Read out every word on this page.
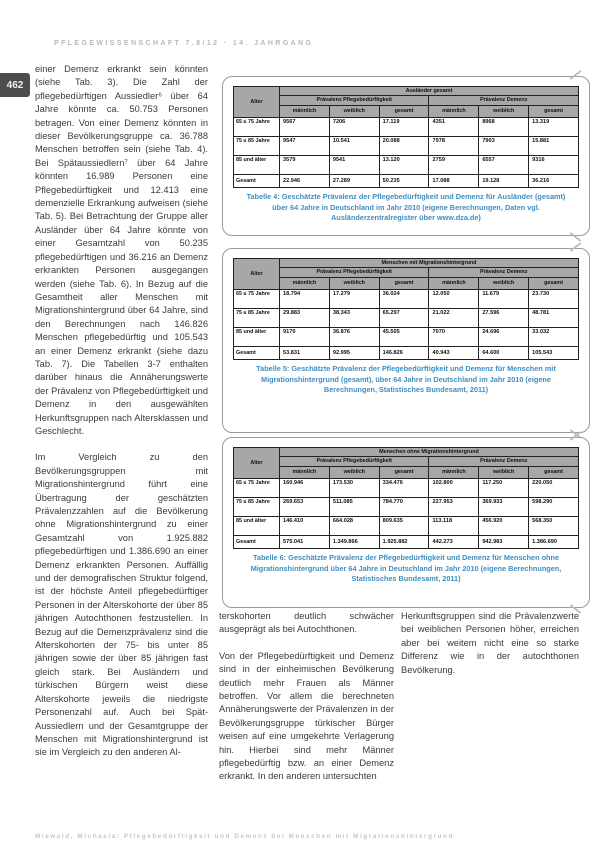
PFLEGEWISSENSCHAFT 7.8/12 · 14. JAHRGANG
462

einer Demenz erkrankt sein könnten (siehe Tab. 3). Die Zahl der pflegebedürftigen Aussiedler⁶ über 64 Jahre könnte ca. 50.753 Personen betragen. Von einer Demenz könnten in dieser Bevölkerungsgruppe ca. 36.788 Menschen betroffen sein (siehe Tab. 4). Bei Spätaussiedlern⁷ über 64 Jahre könnten 16.989 Personen eine Pflegebedürftigkeit und 12.413 eine demenzielle Erkrankung aufweisen (siehe Tab. 5). Bei Betrachtung der Gruppe aller Ausländer über 64 Jahre könnte von einer Gesamtzahl von 50.235 pflegebedürftigen und 36.216 an Demenz erkrankten Personen ausgegangen werden (siehe Tab. 6). In Bezug auf die Gesamtheit aller Menschen mit Migrationshintergrund über 64 Jahre, sind den Berechnungen nach 146.826 Menschen pflegebedürftig und 105.543 an einer Demenz erkrankt (siehe dazu Tab. 7). Die Tabellen 3-7 enthalten darüber hinaus die Annäherungswerte der Prävalenz von Pflegebedürftigkeit und Demenz in den ausgewählten Herkunftsgruppen nach Altersklassen und Geschlecht.

Im Vergleich zu den Bevölkerungsgruppen mit Migrationshintergrund führt eine Übertragung der geschätzten Prävalenzzahlen auf die Bevölkerung ohne Migrationshintergrund zu einer Gesamtzahl von 1.925.882 pflegebedürftigen und 1.386.690 an einer Demenz erkrankten Personen. Auffällig und der demografischen Struktur folgend, ist der höchste Anteil pflegebedürftiger Personen in der Alterskohorte der über 85 jährigen Autochthonen festzustellen. In Bezug auf die Demenzprävalenz sind die Alterskohorten der 75- bis unter 85 jährigen sowie der über 85 jährigen fast gleich stark. Bei Ausländern und türkischen Bürgern weist diese Alterskohorte jeweils die niedrigste Personenzahl auf. Auch bei Spät-Aussiedlern und der Gesamtgruppe der Menschen mit Migrationshintergrund ist sie im Vergleich zu den anderen Al-

Alter	Ausländer gesamt					
	Prävalenz Pflegebedürftigkeit			Prävalenz Demenz		
	männlich	weiblich	gesamt	männlich	weiblich	gesamt
65 ≤ 75 Jahre	9567	7206	17.119	4351	8968	13.319
75 ≤ 85 Jahre	9547	10.541	20.088	7978	7903	15.881
85 und älter	3579	9541	13.120	2759	6557	9316
Gesamt	22.946	27.289	50.235	17.088	19.128	36.216
Tabelle 4: Geschätzte Prävalenz der Pflegebedürftigkeit und Demenz für Ausländer (gesamt) über 64 Jahre in Deutschland im Jahr 2010 (eigene Berechnungen, Daten vgl. Ausländerzentralregister über www.dza.de)
Alter	Menschen mit Migrationshintergrund					
	Prävalenz Pflegebedürftigkeit			Prävalenz Demenz		
	männlich	weiblich	gesamt	männlich	weiblich	gesamt
65 ≤ 75 Jahre	18.794	17.279	36.024	12.050	11.679	23.730
75 ≤ 85 Jahre	29.883	38.343	65.297	21.022	27.596	48.781
85 und älter	9170	36.876	45.505	7070	24.696	33.032
Gesamt	53.831	92.995	146.826	40.943	64.600	105.543
Tabelle 5: Geschätzte Prävalenz der Pflegebedürftigkeit und Demenz für Menschen mit Migrationshintergrund (gesamt), über 64 Jahre in Deutschland im Jahr 2010 (eigene Berechnungen, Statistisches Bundesamt, 2011)
Alter	Menschen ohne Migrationshintergrund					
	Prävalenz Pflegebedürftigkeit			Prävalenz Demenz		
	männlich	weiblich	gesamt	männlich	weiblich	gesamt
65 ≤ 75 Jahre	160.946	173.530	334.476	102.800	117.250	220.050
75 ≤ 85 Jahre	269.653	511.085	784.770	227.953	369.933	598.290
85 und älter	146.410	664.028	809.635	113.118	456.920	568.350
Gesamt	575.041	1.349.866	1.925.882	442.273	942.983	1.386.690
Tabelle 6: Geschätzte Prävalenz der Pflegebedürftigkeit und Demenz für Menschen ohne Migrationshintergrund über 64 Jahre in Deutschland im Jahr 2010 (eigene Berechnungen, Statistisches Bundesamt, 2011)

terskohorten deutlich schwächer ausgeprägt als bei Autochthonen.

Von der Pflegebedürftigkeit und Demenz sind in der einheimischen Bevölkerung deutlich mehr Frauen als Männer betroffen. Vor allem die berechneten Annäherungswerte der Prävalenzen in der Bevölkerungsgruppe türkischer Bürger weisen auf eine umgekehrte Verlagerung hin. Hierbei sind mehr Männer pflegebedürftig bzw. an einer Demenz erkrankt. In den anderen untersuchten

Herkunftsgruppen sind die Prävalenzwerte bei weiblichen Personen höher, erreichen aber bei weitem nicht eine so starke Differenz wie in der autochthonen Bevölkerung.

Miewald, Michaela: Pflegebedürftigkeit und Demenz bei Menschen mit Migrationshintergrund
